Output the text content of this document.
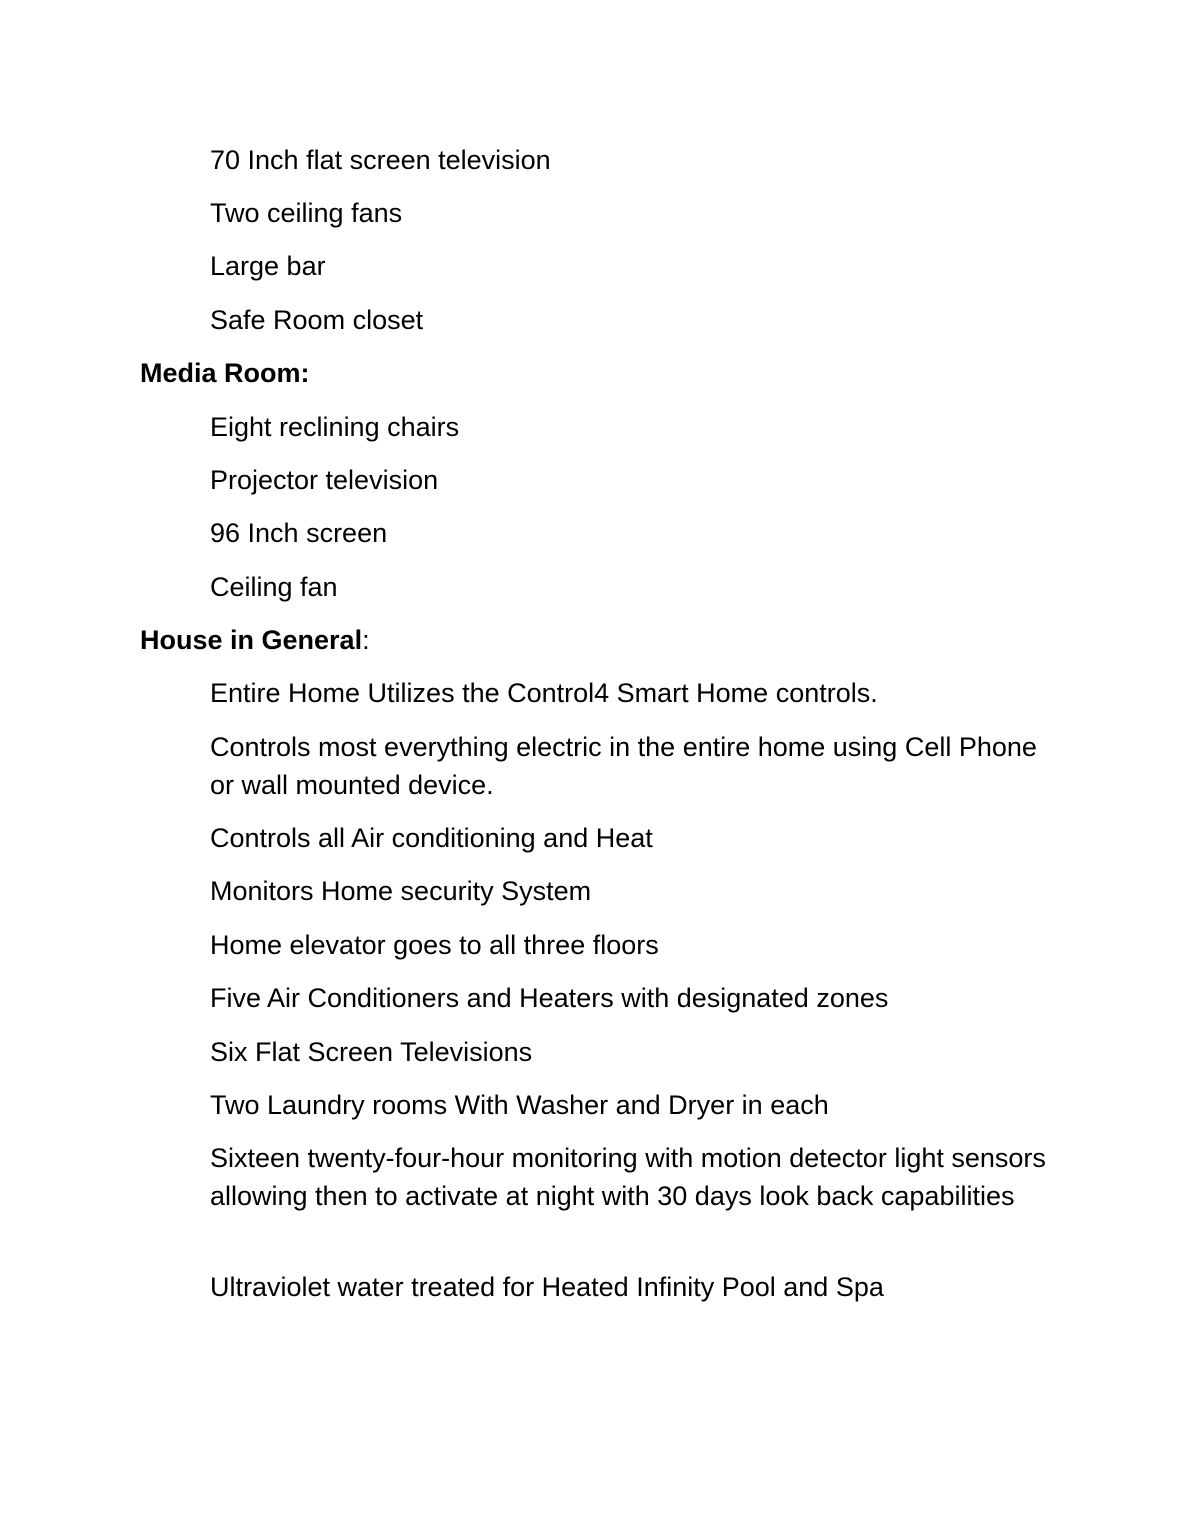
70 Inch flat screen television

Two ceiling fans

Large bar

Safe Room closet

Media Room:

Eight reclining chairs

Projector television

96 Inch screen

Ceiling fan

House in General:

Entire Home Utilizes the Control4 Smart Home controls.

Controls most everything electric in the entire home using Cell Phone or wall mounted device.

Controls all Air conditioning and Heat

Monitors Home security System

Home elevator goes to all three floors

Five Air Conditioners and Heaters with designated zones

Six Flat Screen Televisions

Two Laundry rooms With Washer and Dryer in each

Sixteen twenty-four-hour monitoring with motion detector light sensors allowing then to activate at night with 30 days look back capabilities

Ultraviolet water treated for Heated Infinity Pool and Spa
